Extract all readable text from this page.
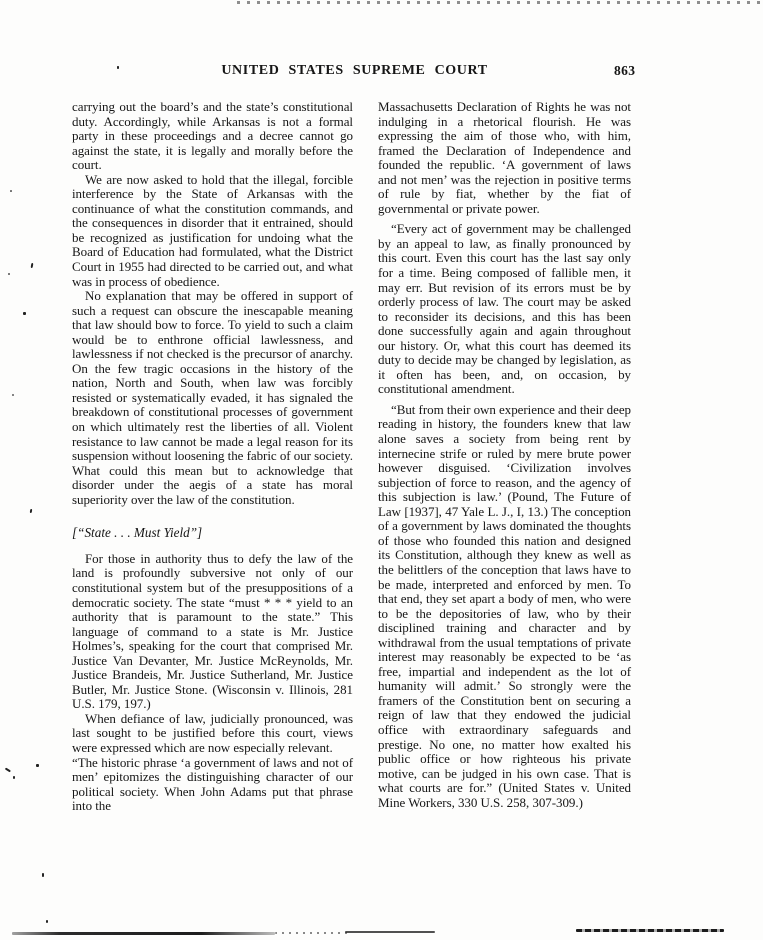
UNITED STATES SUPREME COURT	863

carrying out the board’s and the state’s constitutional duty. Accordingly, while Arkansas is not a formal party in these proceedings and a decree cannot go against the state, it is legally and morally before the court.

We are now asked to hold that the illegal, forcible interference by the State of Arkansas with the continuance of what the constitution commands, and the consequences in disorder that it entrained, should be recognized as justification for undoing what the Board of Education had formulated, what the District Court in 1955 had directed to be carried out, and what was in process of obedience.

No explanation that may be offered in support of such a request can obscure the inescapable meaning that law should bow to force. To yield to such a claim would be to enthrone official lawlessness, and lawlessness if not checked is the precursor of anarchy. On the few tragic occasions in the history of the nation, North and South, when law was forcibly resisted or systematically evaded, it has signaled the breakdown of constitutional processes of government on which ultimately rest the liberties of all. Violent resistance to law cannot be made a legal reason for its suspension without loosening the fabric of our society. What could this mean but to acknowledge that disorder under the aegis of a state has moral superiority over the law of the constitution.

[“State . . . Must Yield”]

For those in authority thus to defy the law of the land is profoundly subversive not only of our constitutional system but of the presuppositions of a democratic society. The state “must * * * yield to an authority that is paramount to the state.” This language of command to a state is Mr. Justice Holmes’s, speaking for the court that comprised Mr. Justice Van Devanter, Mr. Justice McReynolds, Mr. Justice Brandeis, Mr. Justice Sutherland, Mr. Justice Butler, Mr. Justice Stone. (Wisconsin v. Illinois, 281 U.S. 179, 197.)

When defiance of law, judicially pronounced, was last sought to be justified before this court, views were expressed which are now especially relevant.

“The historic phrase ‘a government of laws and not of men’ epitomizes the distinguishing character of our political society. When John Adams put that phrase into the

Massachusetts Declaration of Rights he was not indulging in a rhetorical flourish. He was expressing the aim of those who, with him, framed the Declaration of Independence and founded the republic. ‘A government of laws and not men’ was the rejection in positive terms of rule by fiat, whether by the fiat of governmental or private power.

“Every act of government may be challenged by an appeal to law, as finally pronounced by this court. Even this court has the last say only for a time. Being composed of fallible men, it may err. But revision of its errors must be by orderly process of law. The court may be asked to reconsider its decisions, and this has been done successfully again and again throughout our history. Or, what this court has deemed its duty to decide may be changed by legislation, as it often has been, and, on occasion, by constitutional amendment.

“But from their own experience and their deep reading in history, the founders knew that law alone saves a society from being rent by internecine strife or ruled by mere brute power however disguised. ‘Civilization involves subjection of force to reason, and the agency of this subjection is law.’ (Pound, The Future of Law [1937], 47 Yale L. J., I, 13.) The conception of a government by laws dominated the thoughts of those who founded this nation and designed its Constitution, although they knew as well as the belittlers of the conception that laws have to be made, interpreted and enforced by men. To that end, they set apart a body of men, who were to be the depositories of law, who by their disciplined training and character and by withdrawal from the usual temptations of private interest may reasonably be expected to be ‘as free, impartial and independent as the lot of humanity will admit.’ So strongly were the framers of the Constitution bent on securing a reign of law that they endowed the judicial office with extraordinary safeguards and prestige. No one, no matter how exalted his public office or how righteous his private motive, can be judged in his own case. That is what courts are for.” (United States v. United Mine Workers, 330 U.S. 258, 307-309.)
